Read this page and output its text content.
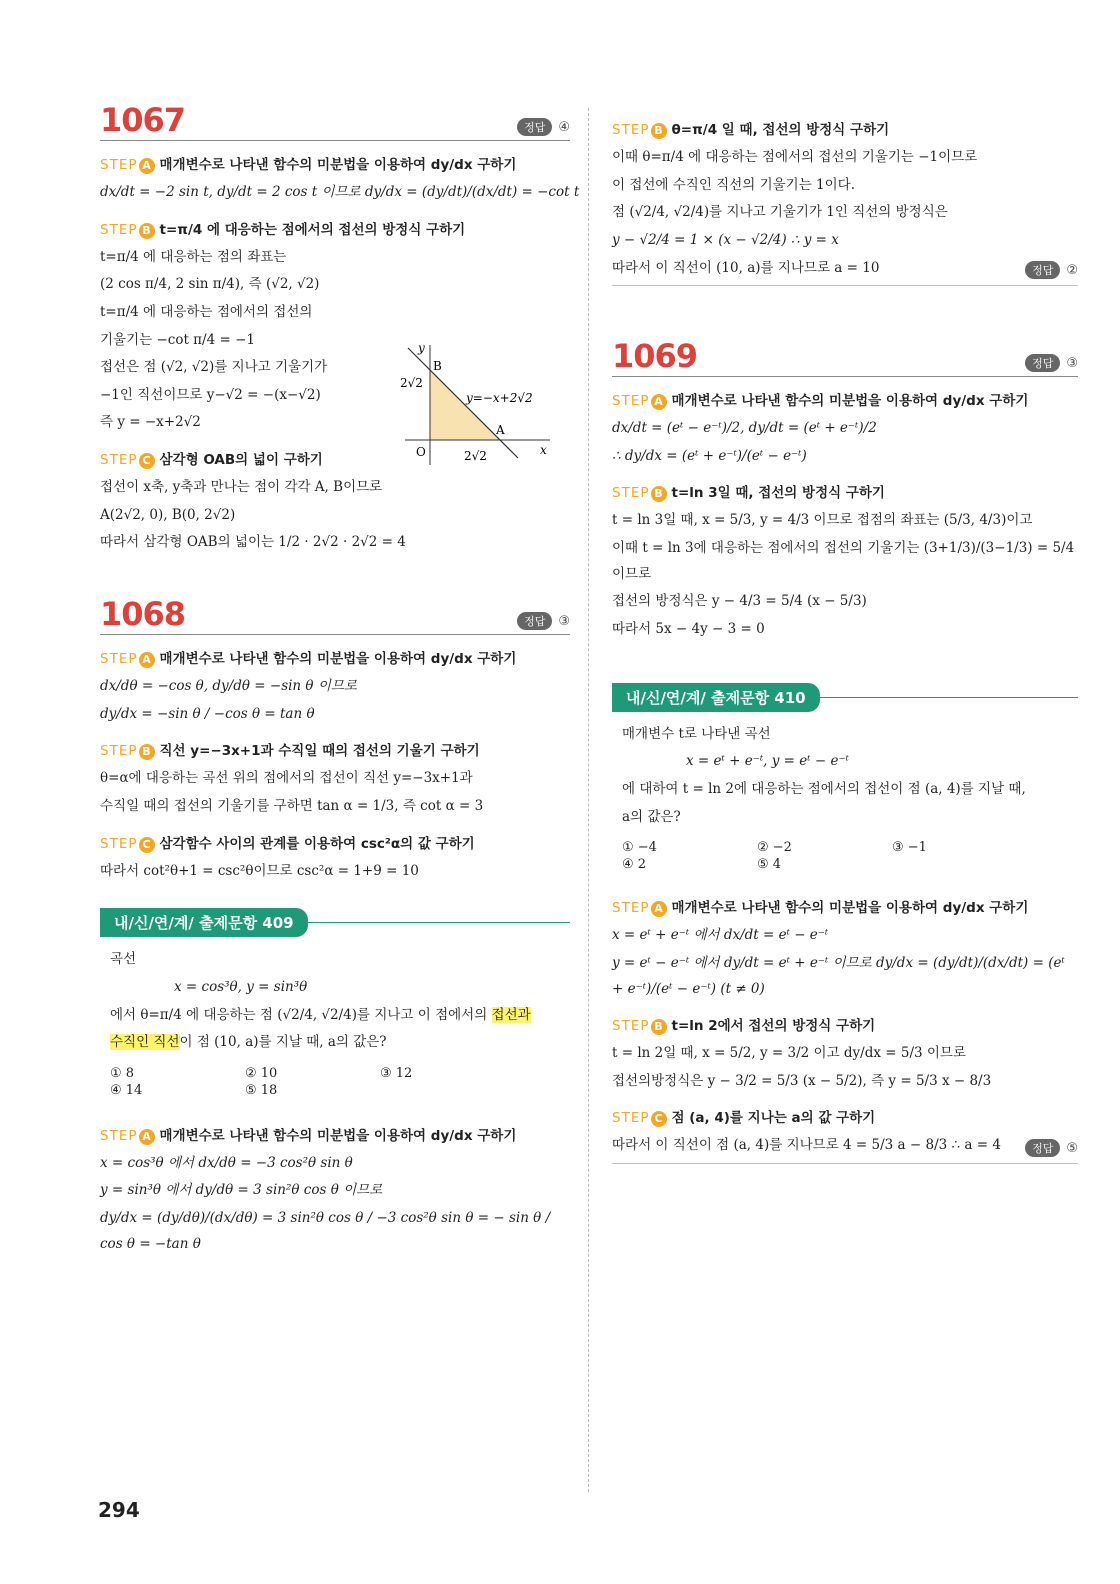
1067	정답	④
STEP A 매개변수로 나타낸 함수의 미분법을 이용하여 dy/dx 구하기
dx/dt = −2 sin t, dy/dt = 2 cos t 이므로 dy/dx = (dy/dt)/(dx/dt) = −cot t
STEP B t=π/4 에 대응하는 점에서의 접선의 방정식 구하기
t=π/4 에 대응하는 점의 좌표는
(2 cos π/4, 2 sin π/4), 즉 (√2, √2)
t=π/4 에 대응하는 점에서의 접선의
기울기는 −cot π/4 = −1
접선은 점 (√2, √2)를 지나고 기울기가
−1인 직선이므로 y−√2 = −(x−√2)
즉 y = −x+2√2
y
x
O
A
B
2√2
2√2
y=−x+2√2
STEP C 삼각형 OAB의 넓이 구하기
접선이 x축, y축과 만나는 점이 각각 A, B이므로
A(2√2, 0), B(0, 2√2)
따라서 삼각형 OAB의 넓이는 1/2 · 2√2 · 2√2 = 4
1068	정답	③
STEP A 매개변수로 나타낸 함수의 미분법을 이용하여 dy/dx 구하기
dx/dθ = −cos θ, dy/dθ = −sin θ 이므로
dy/dx = −sin θ / −cos θ = tan θ
STEP B 직선 y=−3x+1과 수직일 때의 접선의 기울기 구하기
θ=α에 대응하는 곡선 위의 점에서의 접선이 직선 y=−3x+1과
수직일 때의 접선의 기울기를 구하면 tan α = 1/3, 즉 cot α = 3
STEP C 삼각함수 사이의 관계를 이용하여 csc²α의 값 구하기
따라서 cot²θ+1 = csc²θ이므로 csc²α = 1+9 = 10
내/신/연/계/ 출제문항 409
곡선
x = cos³θ, y = sin³θ
에서 θ=π/4 에 대응하는 점 (√2/4, √2/4)를 지나고 이 점에서의 접선과
수직인 직선이 점 (10, a)를 지날 때, a의 값은?
① 8	② 10	③ 12
④ 14	⑤ 18
STEP A 매개변수로 나타낸 함수의 미분법을 이용하여 dy/dx 구하기
x = cos³θ 에서 dx/dθ = −3 cos²θ sin θ
y = sin³θ 에서 dy/dθ = 3 sin²θ cos θ 이므로
dy/dx = (dy/dθ)/(dx/dθ) = 3 sin²θ cos θ / −3 cos²θ sin θ = − sin θ / cos θ = −tan θ
294
STEP B θ=π/4 일 때, 접선의 방정식 구하기
이때 θ=π/4 에 대응하는 점에서의 접선의 기울기는 −1이므로
이 접선에 수직인 직선의 기울기는 1이다.
점 (√2/4, √2/4)를 지나고 기울기가 1인 직선의 방정식은
y − √2/4 = 1 × (x − √2/4) ∴ y = x
따라서 이 직선이 (10, a)를 지나므로 a = 10	정답	②
1069	정답	③
STEP A 매개변수로 나타낸 함수의 미분법을 이용하여 dy/dx 구하기
dx/dt = (eᵗ − e⁻ᵗ)/2, dy/dt = (eᵗ + e⁻ᵗ)/2
∴ dy/dx = (eᵗ + e⁻ᵗ)/(eᵗ − e⁻ᵗ)
STEP B t=ln 3일 때, 접선의 방정식 구하기
t = ln 3일 때, x = 5/3, y = 4/3 이므로 접점의 좌표는 (5/3, 4/3)이고
이때 t = ln 3에 대응하는 점에서의 접선의 기울기는 (3+1/3)/(3−1/3) = 5/4 이므로
접선의 방정식은 y − 4/3 = 5/4 (x − 5/3)
따라서 5x − 4y − 3 = 0
내/신/연/계/ 출제문항 410
매개변수 t로 나타낸 곡선
x = eᵗ + e⁻ᵗ, y = eᵗ − e⁻ᵗ
에 대하여 t = ln 2에 대응하는 점에서의 접선이 점 (a, 4)를 지날 때,
a의 값은?
① −4	② −2	③ −1
④ 2	⑤ 4
STEP A 매개변수로 나타낸 함수의 미분법을 이용하여 dy/dx 구하기
x = eᵗ + e⁻ᵗ 에서 dx/dt = eᵗ − e⁻ᵗ
y = eᵗ − e⁻ᵗ 에서 dy/dt = eᵗ + e⁻ᵗ 이므로 dy/dx = (dy/dt)/(dx/dt) = (eᵗ + e⁻ᵗ)/(eᵗ − e⁻ᵗ) (t ≠ 0)
STEP B t=ln 2에서 접선의 방정식 구하기
t = ln 2일 때, x = 5/2, y = 3/2 이고 dy/dx = 5/3 이므로
접선의방정식은 y − 3/2 = 5/3 (x − 5/2), 즉 y = 5/3 x − 8/3
STEP C 점 (a, 4)를 지나는 a의 값 구하기
따라서 이 직선이 점 (a, 4)를 지나므로 4 = 5/3 a − 8/3 ∴ a = 4	정답	⑤
